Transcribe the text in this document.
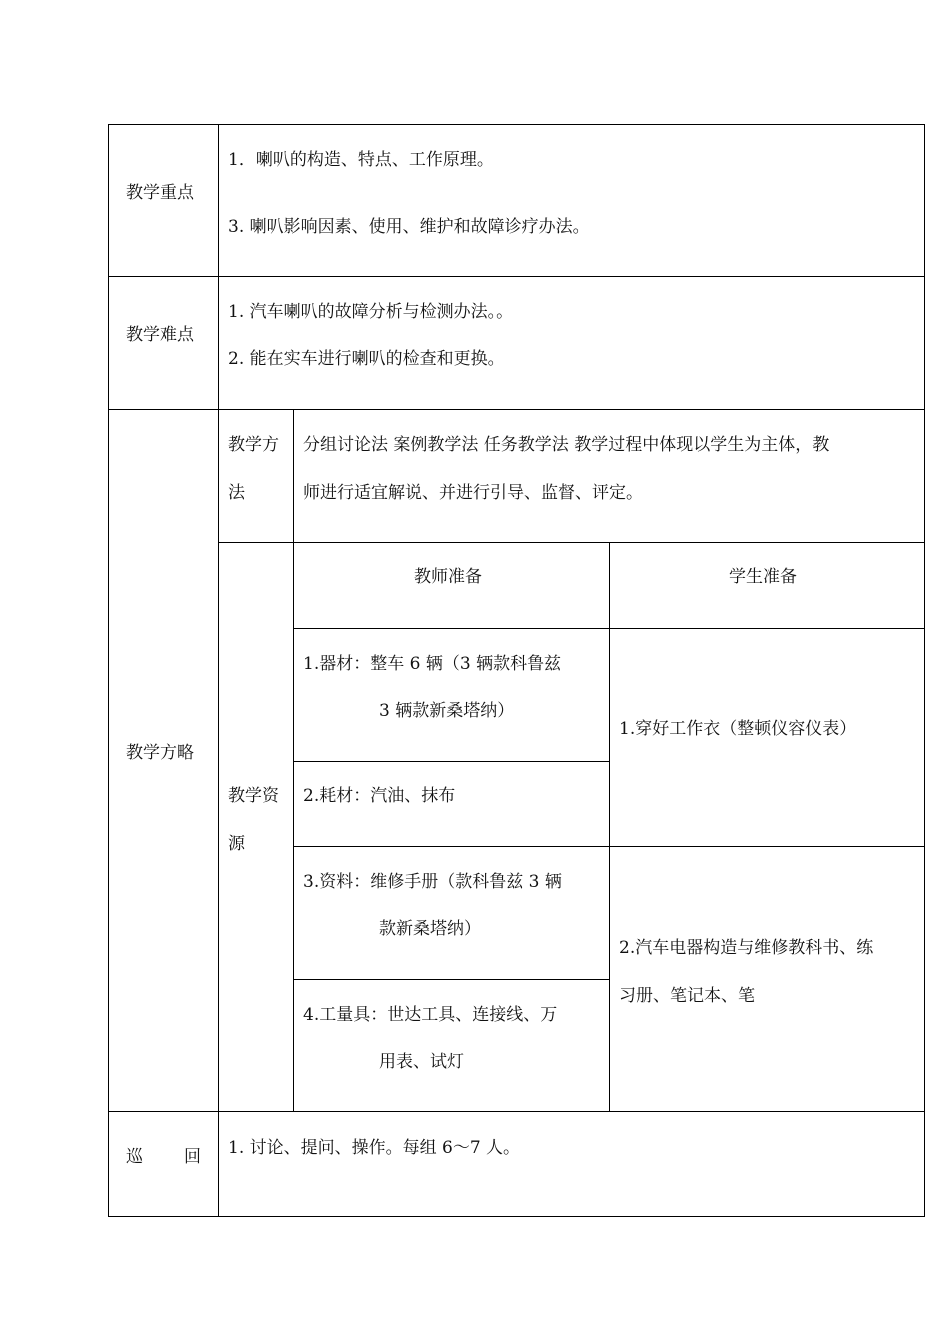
教学重点
1．喇叭的构造、特点、工作原理。
3. 喇叭影响因素、使用、维护和故障诊疗办法。
教学难点
1. 汽车喇叭的故障分析与检测办法。。
2. 能在实车进行喇叭的检查和更换。
教学方略
教学方
法
分组讨论法 案例教学法 任务教学法 教学过程中体现以学生为主体，教
师进行适宜解说、并进行引导、监督、评定。
教学资
源
教师准备	学生准备
1.器材：整车 6 辆（3 辆款科鲁兹
3 辆款新桑塔纳）
2.耗材：汽油、抹布
3.资料：维修手册（款科鲁兹 3 辆
款新桑塔纳）
4.工量具：世达工具、连接线、万
用表、试灯
1.穿好工作衣（整顿仪容仪表）
2.汽车电器构造与维修教科书、练
习册、笔记本、笔
巡 回 1. 讨论、提问、操作。每组 6～7 人。
